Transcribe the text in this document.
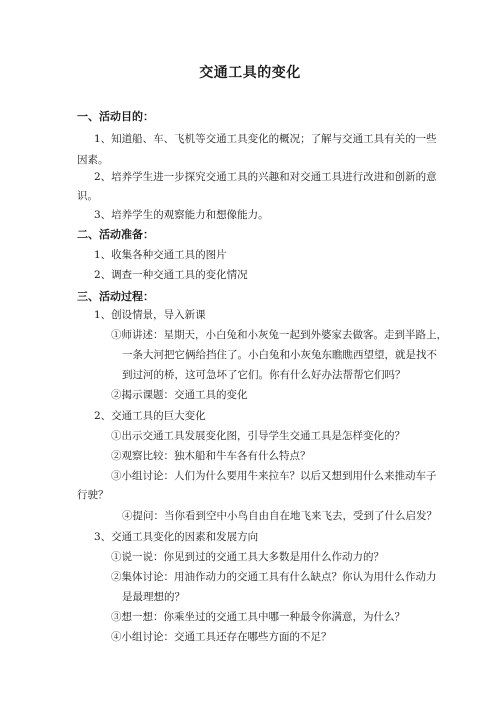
交通工具的变化
一、活动目的：
1、知道船、车、飞机等交通工具变化的概况；了解与交通工具有关的一些
因素。
2、培养学生进一步探究交通工具的兴趣和对交通工具进行改进和创新的意
识。
3、培养学生的观察能力和想像能力。
二、活动准备：
1、收集各种交通工具的图片
2、调查一种交通工具的变化情况
三、活动过程：
1、创设情景，导入新课
①师讲述：星期天，小白兔和小灰兔一起到外婆家去做客。走到半路上，
一条大河把它俩给挡住了。小白兔和小灰兔东瞧瞧西望望，就是找不
到过河的桥，这可急坏了它们。你有什么好办法帮帮它们吗？
②揭示课题：交通工具的变化
2、交通工具的巨大变化
①出示交通工具发展变化图，引导学生交通工具是怎样变化的？
②观察比较：独木船和牛车各有什么特点？
③小组讨论：人们为什么要用牛来拉车？以后又想到用什么来推动车子
行驶？
④提问：当你看到空中小鸟自由自在地飞来飞去，受到了什么启发？
3、交通工具变化的因素和发展方向
①说一说：你见到过的交通工具大多数是用什么作动力的？
②集体讨论：用油作动力的交通工具有什么缺点？你认为用什么作动力
是最理想的？
③想一想：你乘坐过的交通工具中哪一种最令你满意，为什么？
④小组讨论：交通工具还存在哪些方面的不足？
